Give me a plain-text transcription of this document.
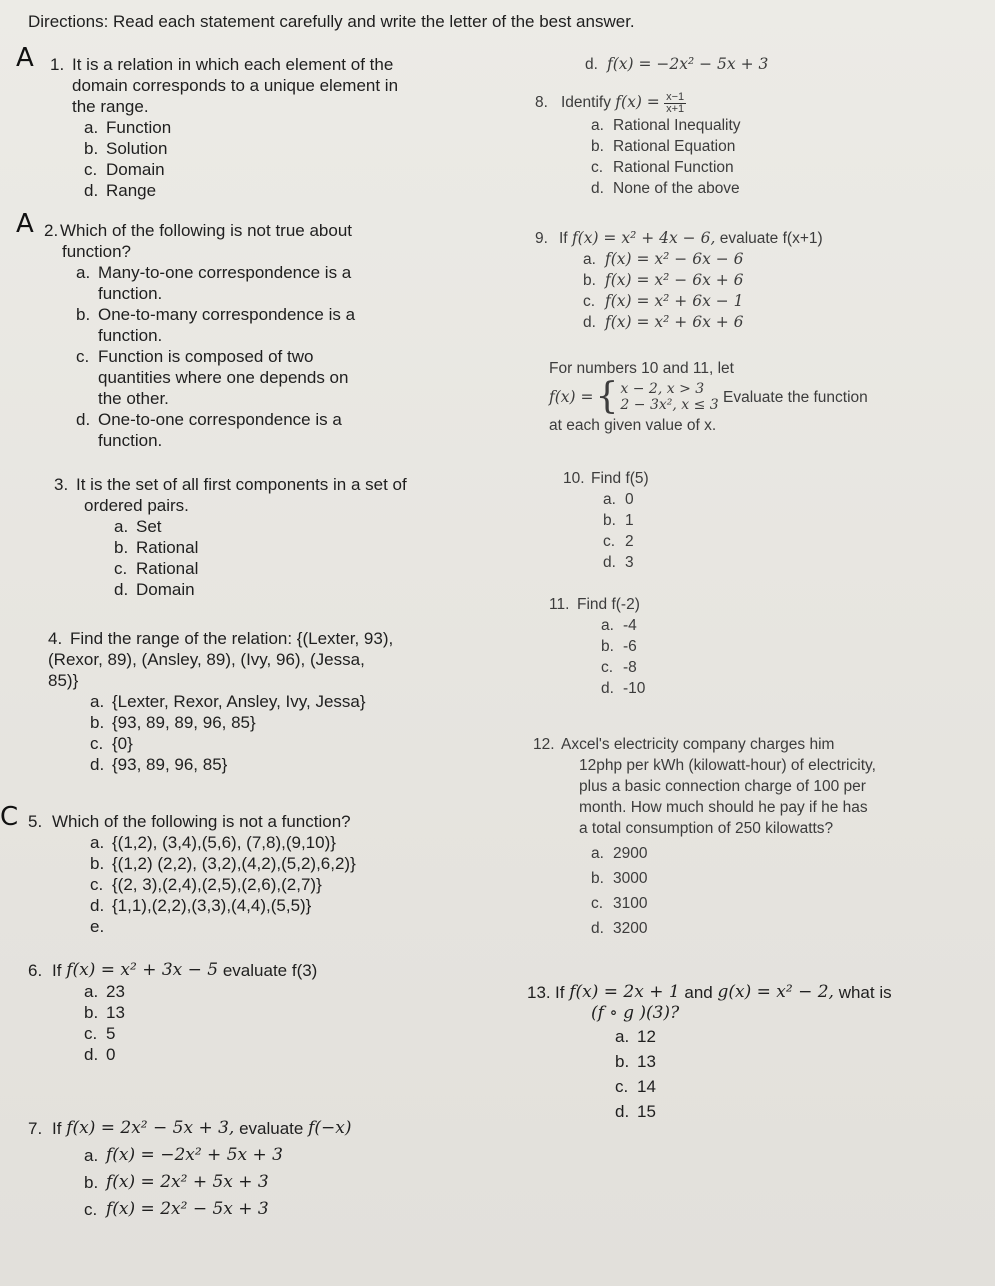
Directions: Read each statement carefully and write the letter of the best answer.
A 1. It is a relation in which each element of the
domain corresponds to a unique element in
the range.
a. Function
b. Solution
c. Domain
d. Range
A 2. Which of the following is not true about
function?
a. Many-to-one correspondence is a
function.
b. One-to-many correspondence is a
function.
c. Function is composed of two
quantities where one depends on
the other.
d. One-to-one correspondence is a
function.
3. It is the set of all first components in a set of
ordered pairs.
a. Set
b. Rational
c. Rational
d. Domain
4. Find the range of the relation: {(Lexter, 93),
(Rexor, 89), (Ansley, 89), (Ivy, 96), (Jessa,
85)}
a. {Lexter, Rexor, Ansley, Ivy, Jessa}
b. {93, 89, 89, 96, 85}
c. {0}
d. {93, 89, 96, 85}
C 5. Which of the following is not a function?
a. {(1,2), (3,4),(5,6), (7,8),(9,10)}
b. {(1,2) (2,2), (3,2),(4,2),(5,2),6,2)}
c. {(2, 3),(2,4),(2,5),(2,6),(2,7)}
d. {1,1),(2,2),(3,3),(4,4),(5,5)}
e.
6. If
f(x) = x² + 3x − 5
evaluate f(3)
a. 23
b. 13
c. 5
d. 0
7. If
f(x) = 2x² − 5x + 3,
evaluate
f(−x)
a. f(x) = −2x² + 5x + 3
b. f(x) = 2x² + 5x + 3
c. f(x) = 2x² − 5x + 3
d. f(x) = −2x² − 5x + 3
8. Identify
f(x) =
$\frac{x-1}{x+1}$
a. Rational Inequality
b. Rational Equation
c. Rational Function
d. None of the above
9. If
f(x) = x² + 4x − 6,
evaluate f(x+1)
a. f(x) = x² − 6x − 6
b. f(x) = x² − 6x + 6
c. f(x) = x² + 6x − 1
d. f(x) = x² + 6x + 6
For numbers 10 and 11, let
f(x) = { x − 2, x > 3
2 − 3x², x ≤ 3
Evaluate the function
at each given value of x.
10. Find f(5)
a. 0
b. 1
c. 2
d. 3
11. Find f(-2)
a. -4
b. -6
c. -8
d. -10
12. Axcel's electricity company charges him
12php per kWh (kilowatt-hour) of electricity,
plus a basic connection charge of 100 per
month. How much should he pay if he has
a total consumption of 250 kilowatts?
a. 2900
b. 3000
c. 3100
d. 3200
13. If
f(x) = 2x + 1
and
g(x) = x² − 2,
what is
(f ∘ g )(3)?
a. 12
b. 13
c. 14
d. 15
